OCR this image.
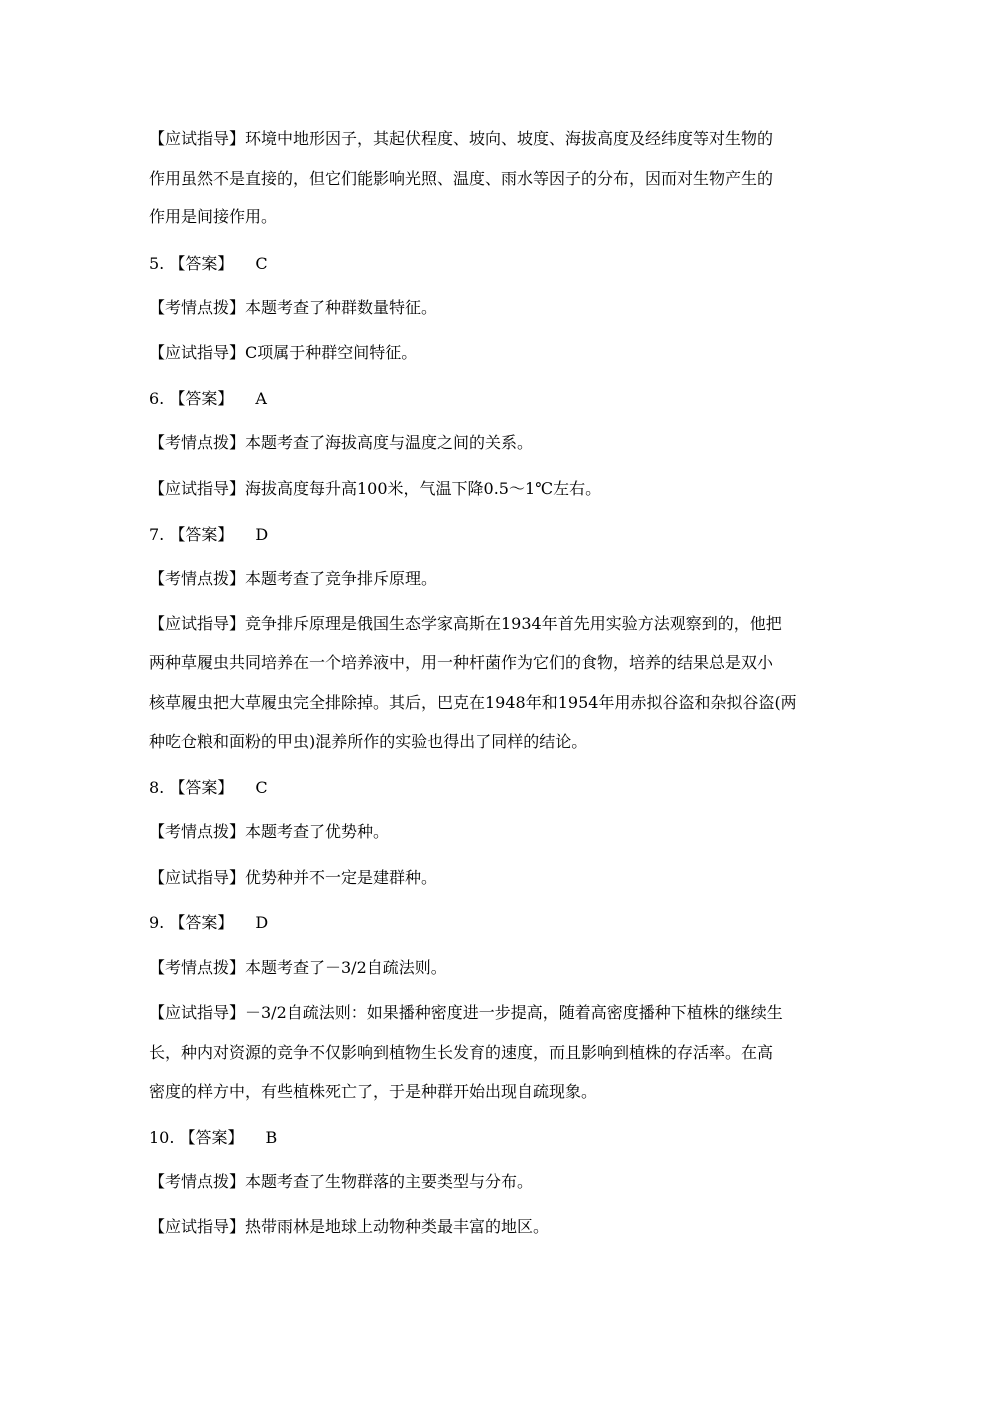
【应试指导】环境中地形因子，其起伏程度、坡向、坡度、海拔高度及经纬度等对生物的
作用虽然不是直接的，但它们能影响光照、温度、雨水等因子的分布，因而对生物产生的
作用是间接作用。
5. 【答案】 C
【考情点拨】本题考查了种群数量特征。
【应试指导】C项属于种群空间特征。
6. 【答案】 A
【考情点拨】本题考查了海拔高度与温度之间的关系。
【应试指导】海拔高度每升高100米，气温下降0.5～1℃左右。
7. 【答案】 D
【考情点拨】本题考查了竞争排斥原理。
【应试指导】竞争排斥原理是俄国生态学家高斯在1934年首先用实验方法观察到的，他把
两种草履虫共同培养在一个培养液中，用一种杆菌作为它们的食物，培养的结果总是双小
核草履虫把大草履虫完全排除掉。其后，巴克在1948年和1954年用赤拟谷盗和杂拟谷盗(两
种吃仓粮和面粉的甲虫)混养所作的实验也得出了同样的结论。
8. 【答案】 C
【考情点拨】本题考查了优势种。
【应试指导】优势种并不一定是建群种。
9. 【答案】 D
【考情点拨】本题考查了－3/2自疏法则。
【应试指导】－3/2自疏法则：如果播种密度进一步提高，随着高密度播种下植株的继续生
长，种内对资源的竞争不仅影响到植物生长发育的速度，而且影响到植株的存活率。在高
密度的样方中，有些植株死亡了，于是种群开始出现自疏现象。
10. 【答案】 B
【考情点拨】本题考查了生物群落的主要类型与分布。
【应试指导】热带雨林是地球上动物种类最丰富的地区。
